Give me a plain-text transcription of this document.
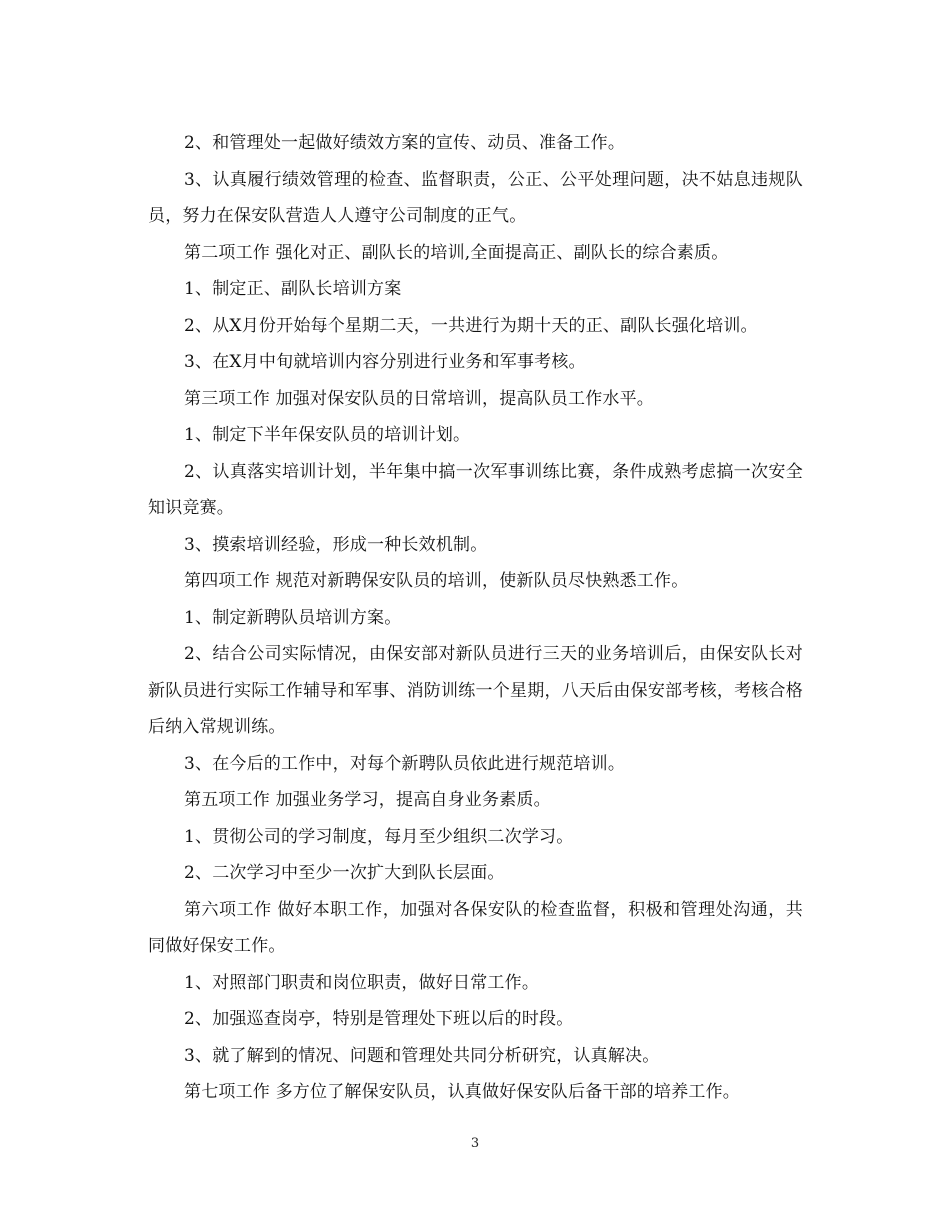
2、和管理处一起做好绩效方案的宣传、动员、准备工作。

3、认真履行绩效管理的检查、监督职责，公正、公平处理问题，决不姑息违规队员，努力在保安队营造人人遵守公司制度的正气。

第二项工作 强化对正、副队长的培训,全面提高正、副队长的综合素质。

1、制定正、副队长培训方案

2、从X月份开始每个星期二天，一共进行为期十天的正、副队长强化培训。

3、在X月中旬就培训内容分别进行业务和军事考核。

第三项工作 加强对保安队员的日常培训，提高队员工作水平。

1、制定下半年保安队员的培训计划。

2、认真落实培训计划，半年集中搞一次军事训练比赛，条件成熟考虑搞一次安全知识竞赛。

3、摸索培训经验，形成一种长效机制。

第四项工作 规范对新聘保安队员的培训，使新队员尽快熟悉工作。

1、制定新聘队员培训方案。

2、结合公司实际情况，由保安部对新队员进行三天的业务培训后，由保安队长对新队员进行实际工作辅导和军事、消防训练一个星期，八天后由保安部考核，考核合格后纳入常规训练。

3、在今后的工作中，对每个新聘队员依此进行规范培训。

第五项工作 加强业务学习，提高自身业务素质。

1、贯彻公司的学习制度，每月至少组织二次学习。

2、二次学习中至少一次扩大到队长层面。

第六项工作 做好本职工作，加强对各保安队的检查监督，积极和管理处沟通，共同做好保安工作。

1、对照部门职责和岗位职责，做好日常工作。

2、加强巡查岗亭，特别是管理处下班以后的时段。

3、就了解到的情况、问题和管理处共同分析研究，认真解决。

第七项工作 多方位了解保安队员，认真做好保安队后备干部的培养工作。

3
